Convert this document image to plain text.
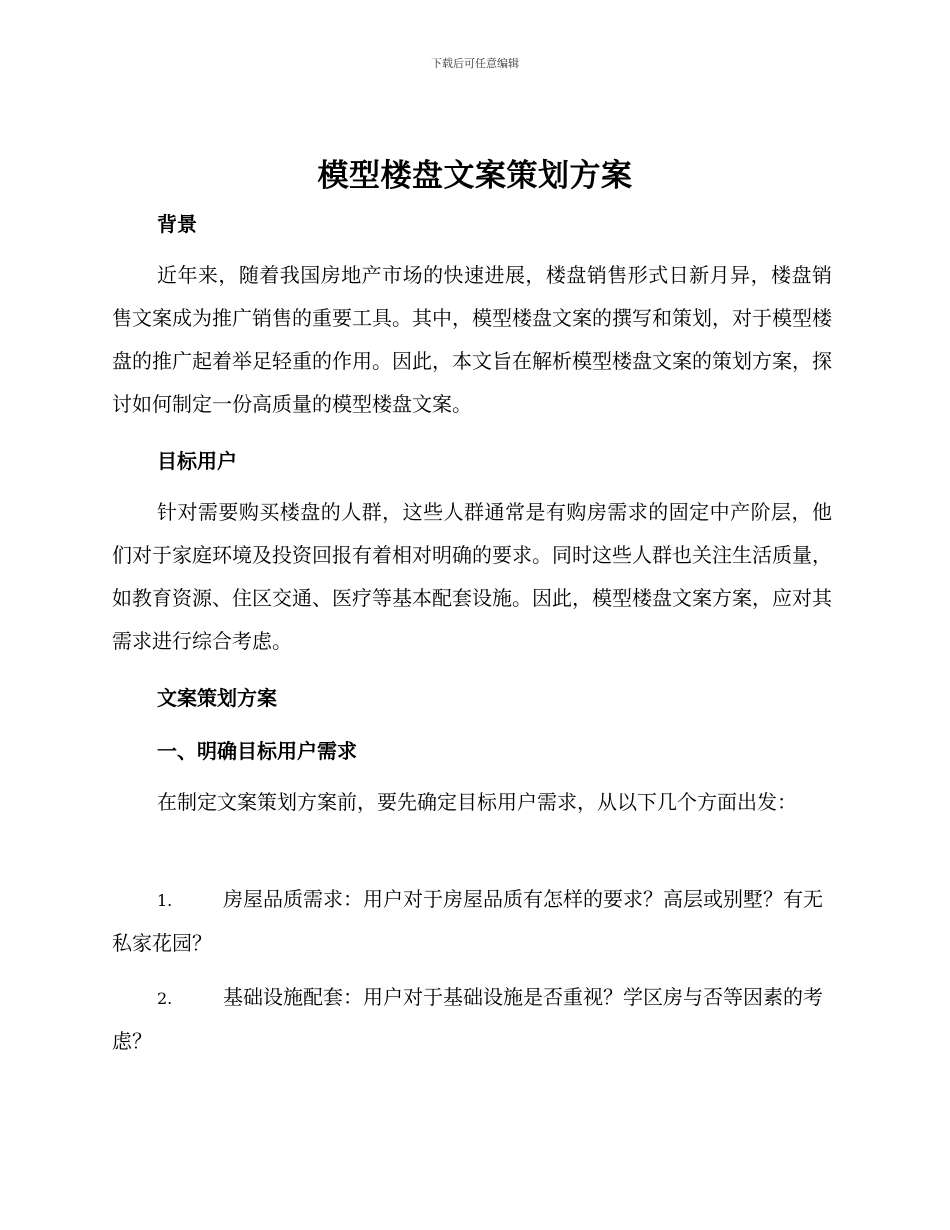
下载后可任意编辑
模型楼盘文案策划方案
背景
近年来，随着我国房地产市场的快速进展，楼盘销售形式日新月异，楼盘销售文案成为推广销售的重要工具。其中，模型楼盘文案的撰写和策划，对于模型楼盘的推广起着举足轻重的作用。因此，本文旨在解析模型楼盘文案的策划方案，探讨如何制定一份高质量的模型楼盘文案。
目标用户
针对需要购买楼盘的人群，这些人群通常是有购房需求的固定中产阶层，他们对于家庭环境及投资回报有着相对明确的要求。同时这些人群也关注生活质量，如教育资源、住区交通、医疗等基本配套设施。因此，模型楼盘文案方案，应对其需求进行综合考虑。
文案策划方案
一、明确目标用户需求
在制定文案策划方案前，要先确定目标用户需求，从以下几个方面出发：
1.	房屋品质需求：用户对于房屋品质有怎样的要求？高层或别墅？有无私家花园？
2.	基础设施配套：用户对于基础设施是否重视？学区房与否等因素的考虑？
